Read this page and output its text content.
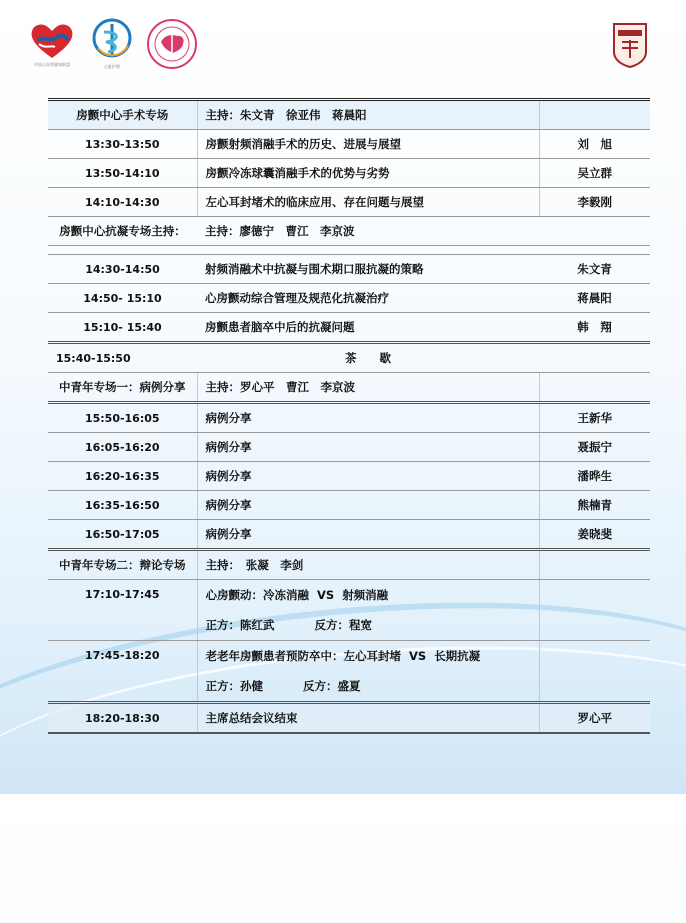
中国心血管健康联盟	心脏护理
房颤中心手术专场	主持：朱文青　徐亚伟　蒋晨阳	
13:30-13:50	房颤射频消融手术的历史、进展与展望	刘　旭
13:50-14:10	房颤冷冻球囊消融手术的优势与劣势	吴立群
14:10-14:30	左心耳封堵术的临床应用、存在问题与展望	李毅刚
房颤中心抗凝专场主持：	主持：廖德宁　曹江　李京波	

14:30-14:50	射频消融术中抗凝与围术期口服抗凝的策略	朱文青
14:50- 15:10	心房颤动综合管理及规范化抗凝治疗	蒋晨阳
15:10- 15:40	房颤患者脑卒中后的抗凝问题	韩　翔
15:40-15:50	茶　　歇	
中青年专场一：病例分享	主持：罗心平　曹江　李京波	
15:50-16:05	病例分享	王新华
16:05-16:20	病例分享	聂振宁
16:20-16:35	病例分享	潘晔生
16:35-16:50	病例分享	熊楠青
16:50-17:05	病例分享	姜晓斐
中青年专场二：辩论专场	主持：　张凝　李剑	
17:10-17:45	心房颤动：冷冻消融 VS 射频消融	
	正方：陈红武 反方：程宽	
17:45-18:20	老老年房颤患者预防卒中：左心耳封堵 VS 长期抗凝	
	正方：孙健 反方：盛夏	
18:20-18:30	主席总结会议结束	罗心平
